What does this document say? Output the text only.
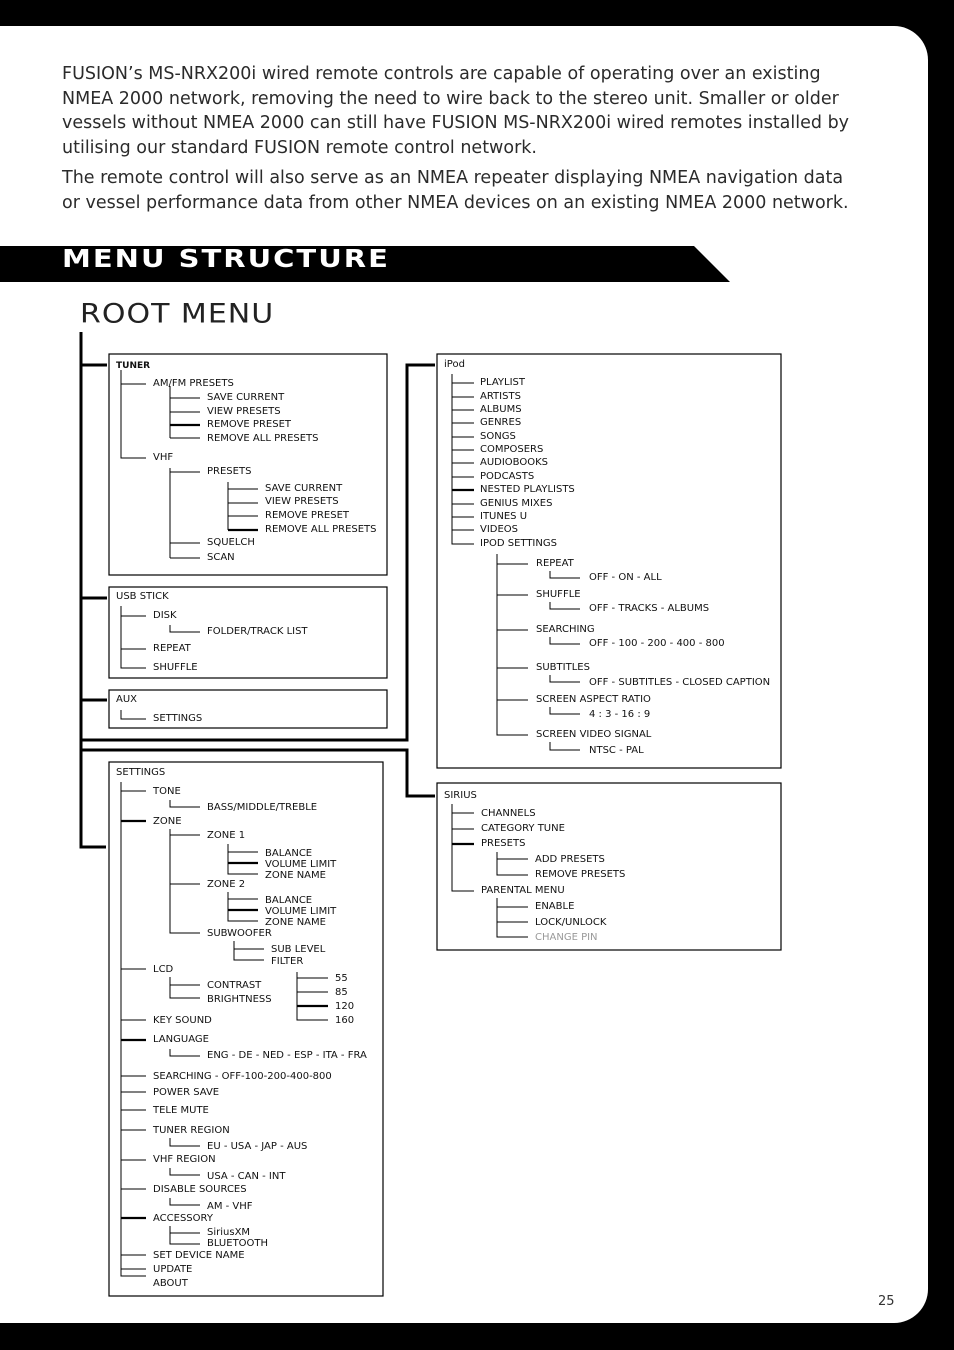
FUSION’s MS-NRX200i wired remote controls are capable of operating over an existing NMEA 2000 network, removing the need to wire back to the stereo unit. Smaller or older vessels without NMEA 2000 can still have FUSION MS-NRX200i wired remotes installed by utilising our standard FUSION remote control network.

The remote control will also serve as an NMEA repeater displaying NMEA navigation data or vessel performance data from other NMEA devices on an existing NMEA 2000 network.

MENU STRUCTURE
ROOT MENU
TUNER
AM/FM PRESETS
SAVE CURRENT
VIEW PRESETS
REMOVE PRESET
REMOVE ALL PRESETS
VHF
PRESETS
SAVE CURRENT
VIEW PRESETS
REMOVE PRESET
REMOVE ALL PRESETS
SQUELCH
SCAN
USB STICK
DISK
FOLDER/TRACK LIST
REPEAT
SHUFFLE
AUX
SETTINGS
iPod
PLAYLIST
ARTISTS
ALBUMS
GENRES
SONGS
COMPOSERS
AUDIOBOOKS
PODCASTS
NESTED PLAYLISTS
GENIUS MIXES
ITUNES U
VIDEOS
IPOD SETTINGS
REPEAT
OFF - ON - ALL
SHUFFLE
OFF - TRACKS - ALBUMS
SEARCHING
OFF - 100 - 200 - 400 - 800
SUBTITLES
OFF - SUBTITLES - CLOSED CAPTION
SCREEN ASPECT RATIO
4 : 3 - 16 : 9
SCREEN VIDEO SIGNAL
NTSC - PAL
SIRIUS
CHANNELS
CATEGORY TUNE
PRESETS
ADD PRESETS
REMOVE PRESETS
PARENTAL MENU
ENABLE
LOCK/UNLOCK
CHANGE PIN
SETTINGS
TONE
BASS/MIDDLE/TREBLE
ZONE
ZONE 1
BALANCE
VOLUME LIMIT
ZONE NAME
ZONE 2
BALANCE
VOLUME LIMIT
ZONE NAME
SUBWOOFER
SUB LEVEL
FILTER
LCD
CONTRAST
BRIGHTNESS
55
85
120
160
KEY SOUND
LANGUAGE
ENG - DE - NED - ESP - ITA - FRA
SEARCHING - OFF-100-200-400-800
POWER SAVE
TELE MUTE
TUNER REGION
EU - USA - JAP - AUS
VHF REGION
USA - CAN - INT
DISABLE SOURCES
AM - VHF
ACCESSORY
SiriusXM
BLUETOOTH
SET DEVICE NAME
UPDATE
ABOUT
25
